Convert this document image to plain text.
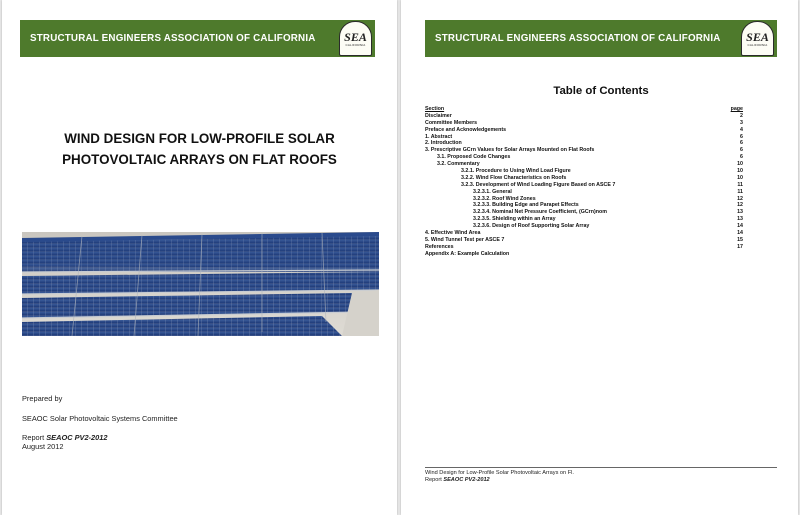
STRUCTURAL ENGINEERS ASSOCIATION OF CALIFORNIA	SEA
CALIFORNIA
WIND DESIGN FOR LOW-PROFILE SOLAR
PHOTOVOLTAIC ARRAYS ON FLAT ROOFS
Prepared by
SEAOC Solar Photovoltaic Systems Committee
Report SEAOC PV2-2012
August 2012
STRUCTURAL ENGINEERS ASSOCIATION OF CALIFORNIA	SEA
CALIFORNIA
Table of Contents
Section	page
Disclaimer	2
Committee Members	3
Preface and Acknowledgements	4
1. Abstract	6
2. Introduction	6
3. Prescriptive GCrn Values for Solar Arrays Mounted on Flat Roofs	6
3.1. Proposed Code Changes	6
3.2. Commentary	10
3.2.1. Procedure to Using Wind Load Figure	10
3.2.2. Wind Flow Characteristics on Roofs	10
3.2.3. Development of Wind Loading Figure Based on ASCE 7	11
3.2.3.1. General	11
3.2.3.2. Roof Wind Zones	12
3.2.3.3. Building Edge and Parapet Effects	12
3.2.3.4. Nominal Net Pressure Coefficient, (GCrn)nom	13
3.2.3.5. Shielding within an Array	13
3.2.3.6. Design of Roof Supporting Solar Array	14
4. Effective Wind Area	14
5. Wind Tunnel Test per ASCE 7	15
References	17
Appendix A: Example Calculation
Wind Design for Low-Profile Solar Photovoltaic Arrays on Fl.
Report SEAOC PV2-2012
